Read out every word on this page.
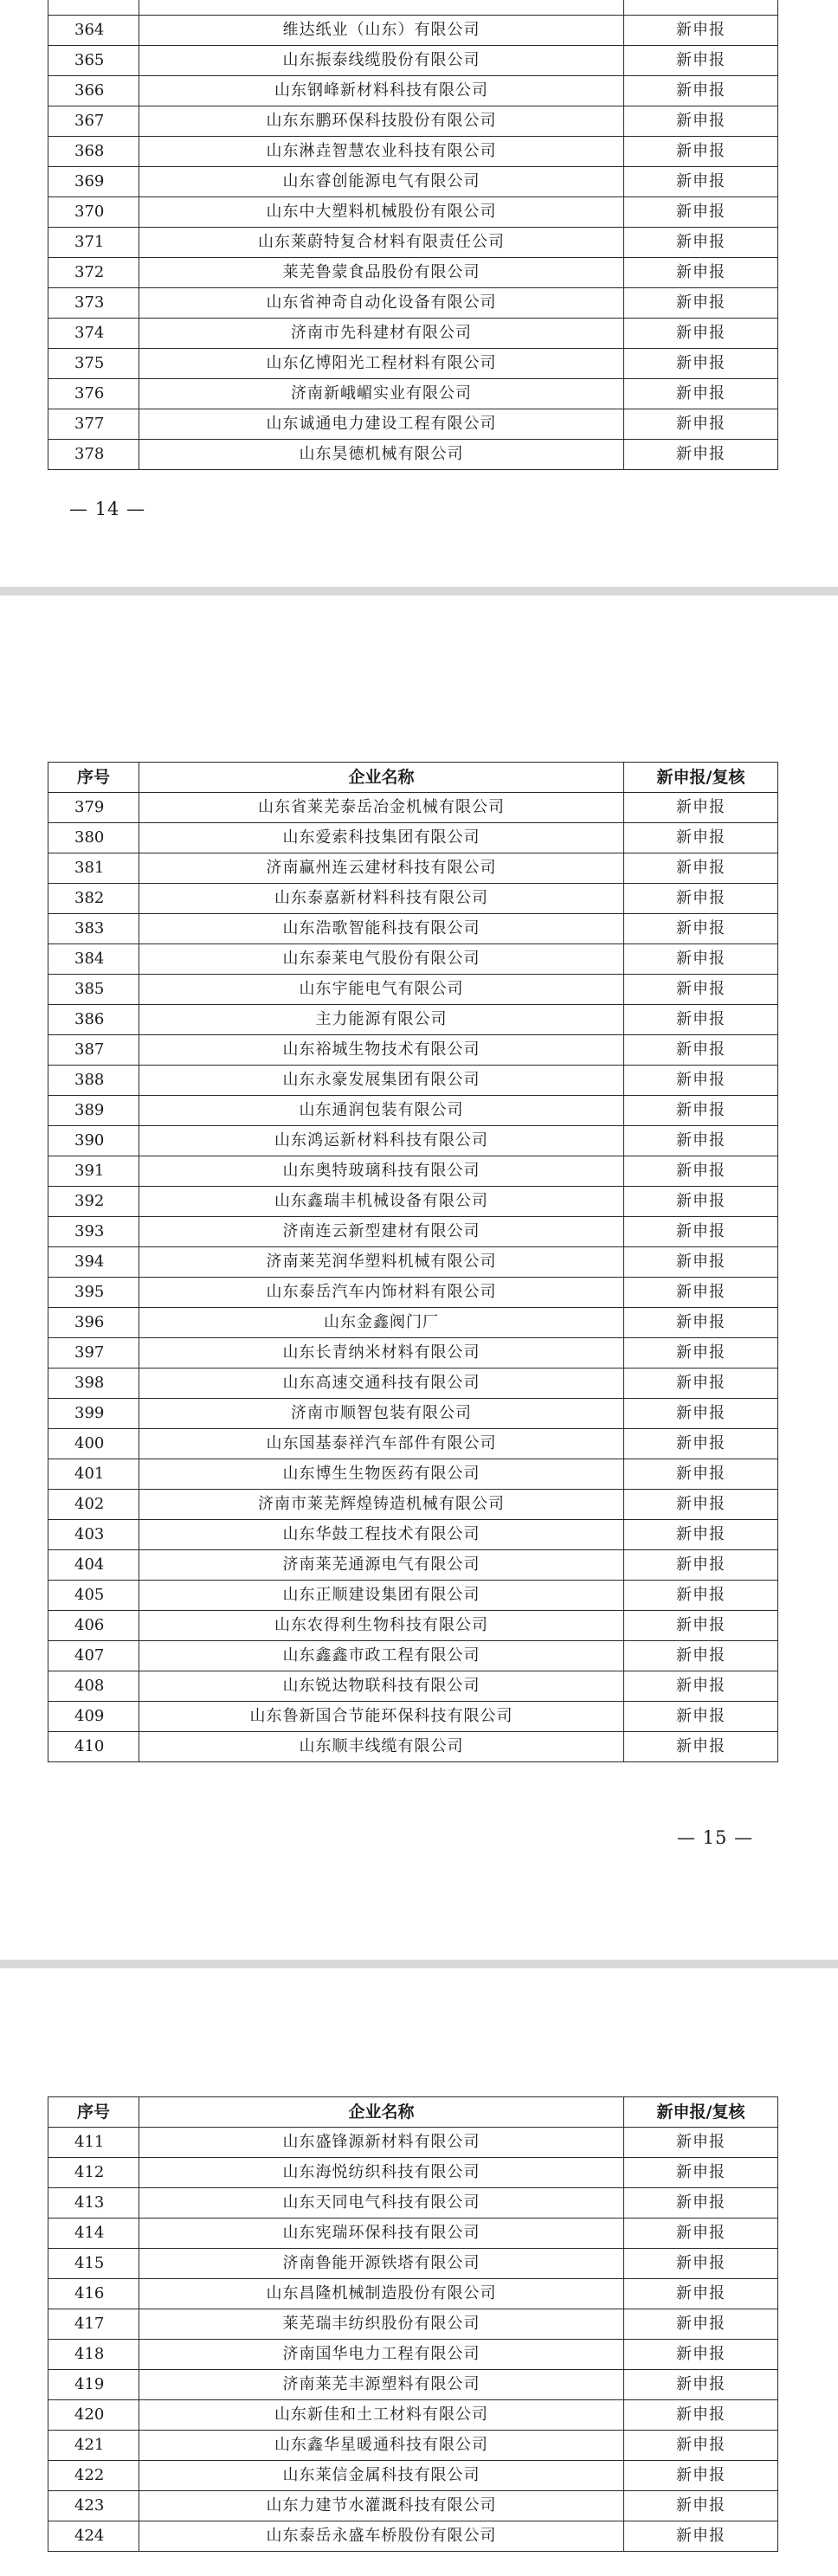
364	维达纸业（山东）有限公司	新申报
365	山东振泰线缆股份有限公司	新申报
366	山东钢峰新材料科技有限公司	新申报
367	山东东鹏环保科技股份有限公司	新申报
368	山东淋垚智慧农业科技有限公司	新申报
369	山东睿创能源电气有限公司	新申报
370	山东中大塑料机械股份有限公司	新申报
371	山东莱蔚特复合材料有限责任公司	新申报
372	莱芜鲁蒙食品股份有限公司	新申报
373	山东省神奇自动化设备有限公司	新申报
374	济南市先科建材有限公司	新申报
375	山东亿博阳光工程材料有限公司	新申报
376	济南新峨嵋实业有限公司	新申报
377	山东诚通电力建设工程有限公司	新申报
378	山东昊德机械有限公司	新申报
— 14 —
序号	企业名称	新申报/复核
379	山东省莱芜泰岳冶金机械有限公司	新申报
380	山东爱索科技集团有限公司	新申报
381	济南赢州连云建材科技有限公司	新申报
382	山东泰嘉新材料科技有限公司	新申报
383	山东浩歌智能科技有限公司	新申报
384	山东泰莱电气股份有限公司	新申报
385	山东宇能电气有限公司	新申报
386	主力能源有限公司	新申报
387	山东裕城生物技术有限公司	新申报
388	山东永豪发展集团有限公司	新申报
389	山东通润包装有限公司	新申报
390	山东鸿运新材料科技有限公司	新申报
391	山东奥特玻璃科技有限公司	新申报
392	山东鑫瑞丰机械设备有限公司	新申报
393	济南连云新型建材有限公司	新申报
394	济南莱芜润华塑料机械有限公司	新申报
395	山东泰岳汽车内饰材料有限公司	新申报
396	山东金鑫阀门厂	新申报
397	山东长青纳米材料有限公司	新申报
398	山东高速交通科技有限公司	新申报
399	济南市顺智包装有限公司	新申报
400	山东国基泰祥汽车部件有限公司	新申报
401	山东博生生物医药有限公司	新申报
402	济南市莱芜辉煌铸造机械有限公司	新申报
403	山东华鼓工程技术有限公司	新申报
404	济南莱芜通源电气有限公司	新申报
405	山东正顺建设集团有限公司	新申报
406	山东农得利生物科技有限公司	新申报
407	山东鑫鑫市政工程有限公司	新申报
408	山东锐达物联科技有限公司	新申报
409	山东鲁新国合节能环保科技有限公司	新申报
410	山东顺丰线缆有限公司	新申报
— 15 —
序号	企业名称	新申报/复核
411	山东盛锋源新材料有限公司	新申报
412	山东海悦纺织科技有限公司	新申报
413	山东天同电气科技有限公司	新申报
414	山东宪瑞环保科技有限公司	新申报
415	济南鲁能开源铁塔有限公司	新申报
416	山东昌隆机械制造股份有限公司	新申报
417	莱芜瑞丰纺织股份有限公司	新申报
418	济南国华电力工程有限公司	新申报
419	济南莱芜丰源塑料有限公司	新申报
420	山东新佳和土工材料有限公司	新申报
421	山东鑫华星暖通科技有限公司	新申报
422	山东莱信金属科技有限公司	新申报
423	山东力建节水灌溉科技有限公司	新申报
424	山东泰岳永盛车桥股份有限公司	新申报
